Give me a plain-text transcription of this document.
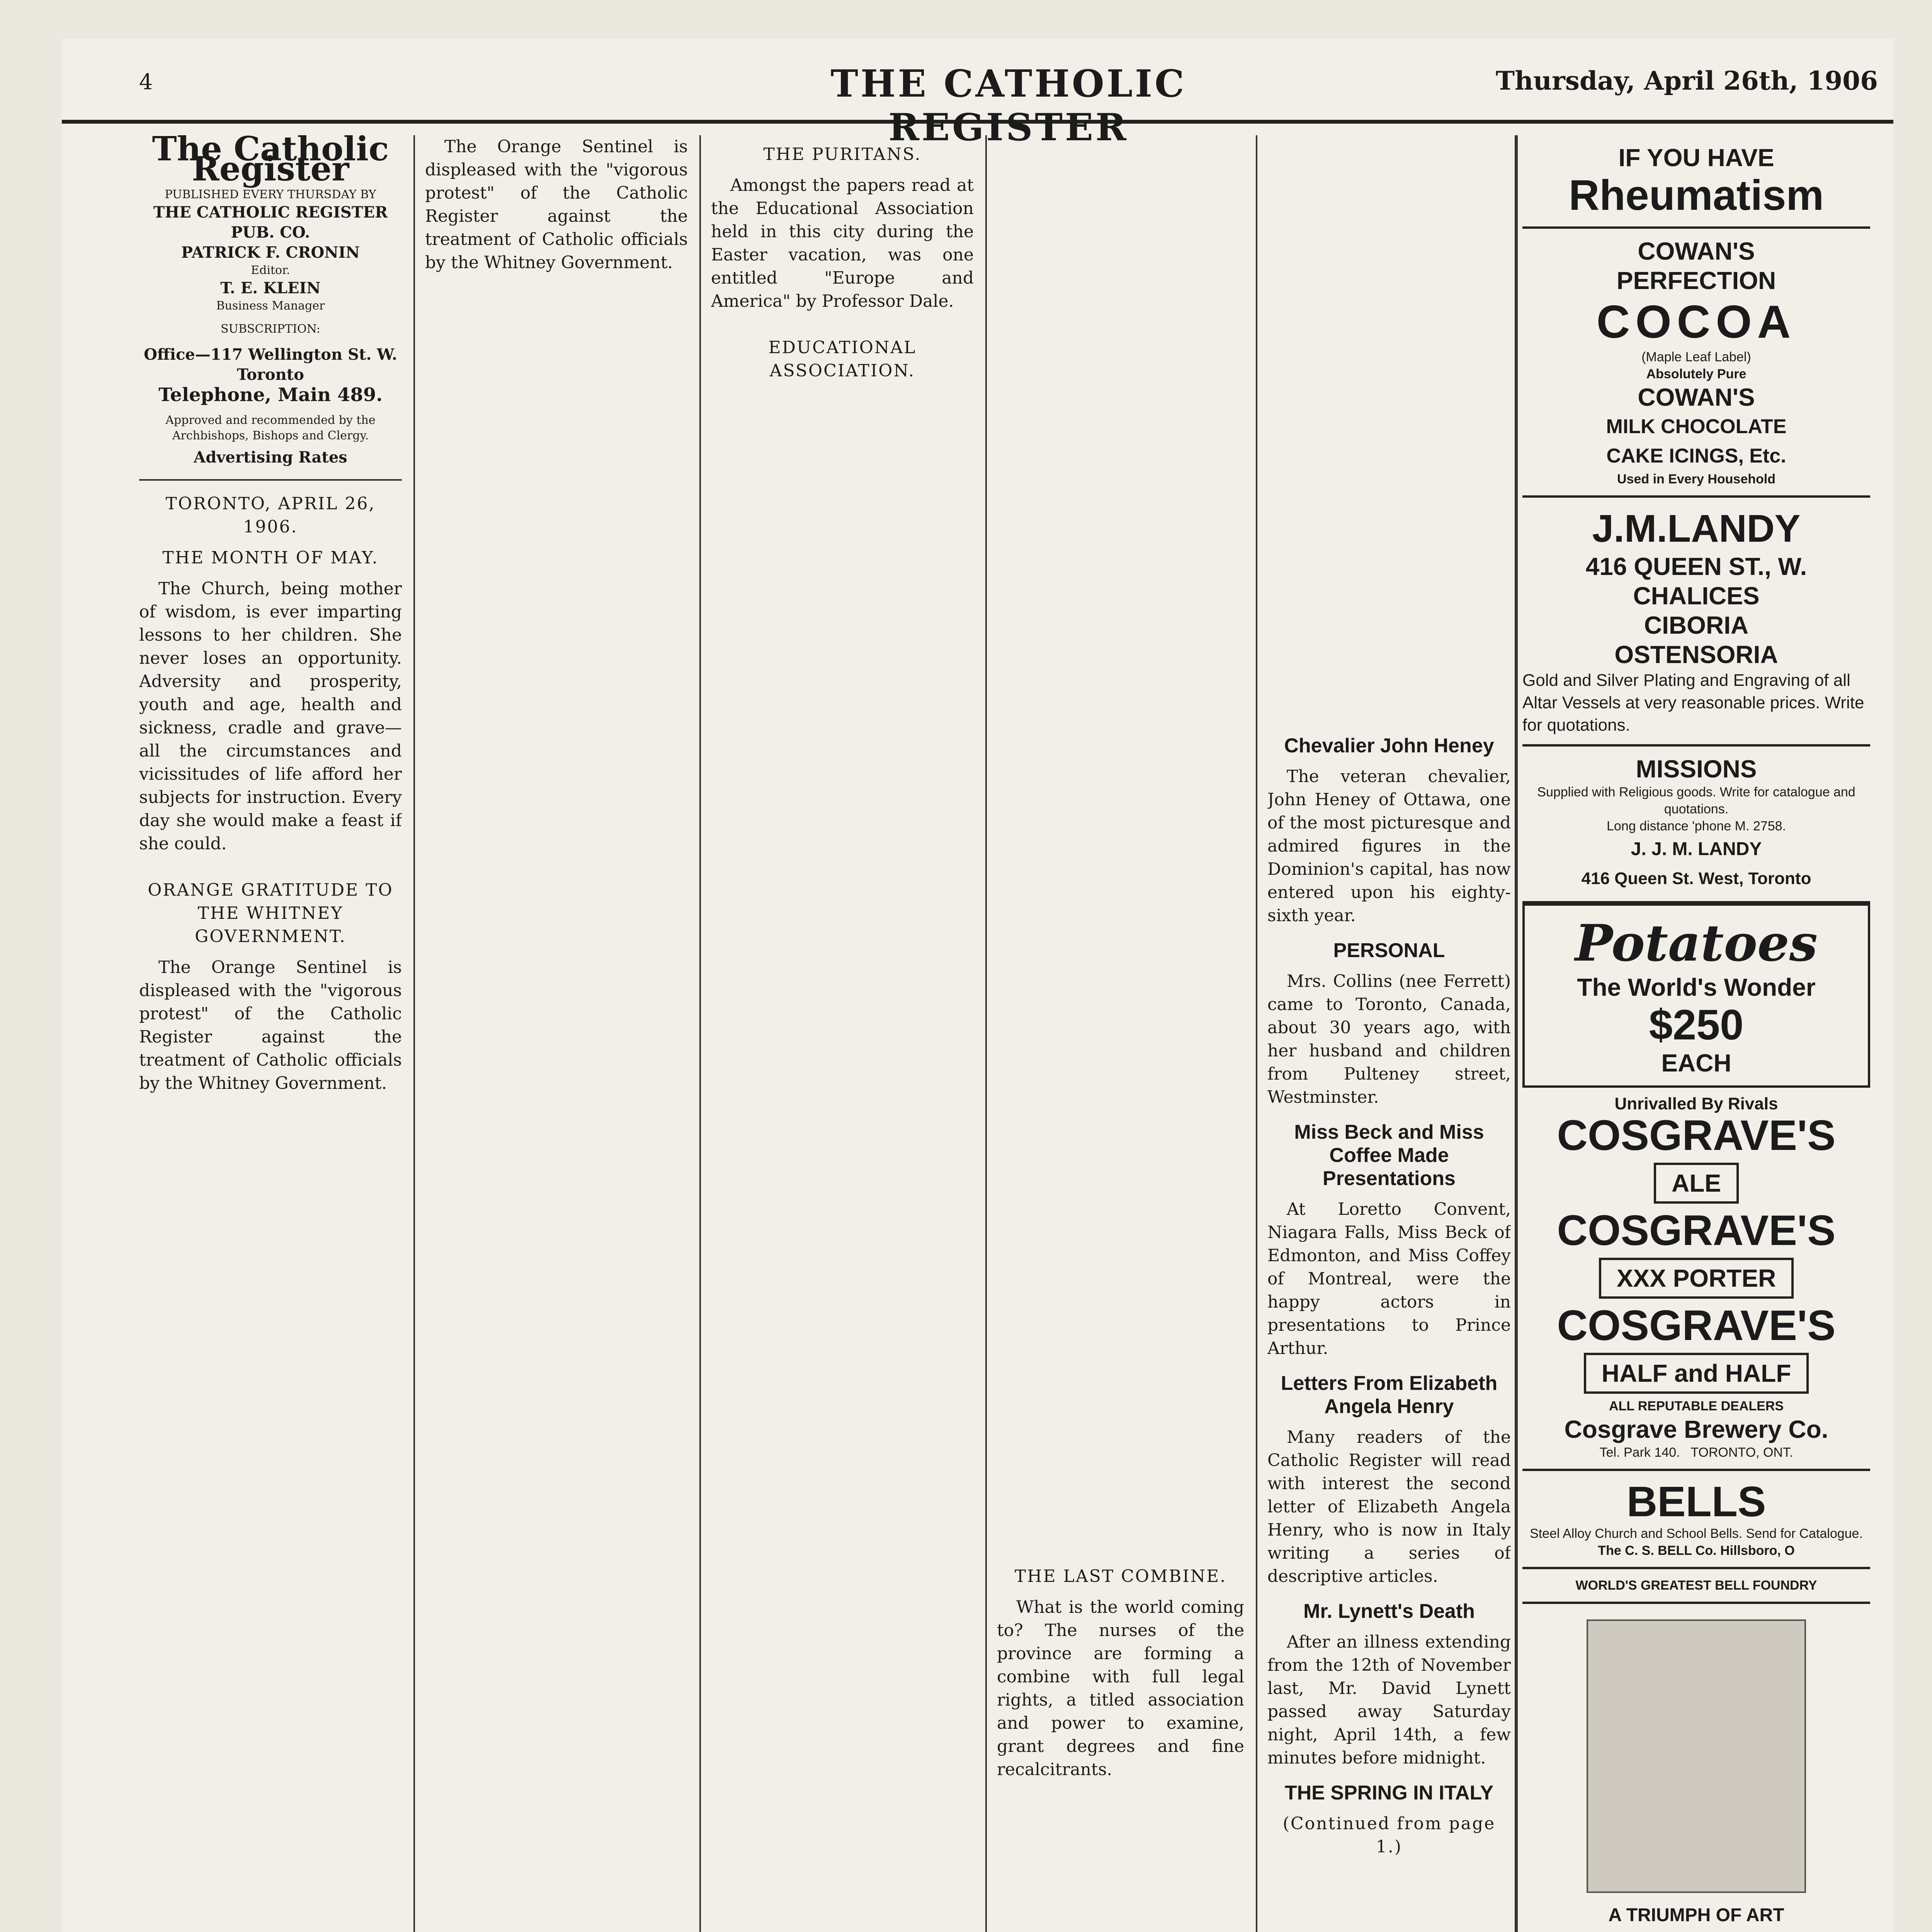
4	THE CATHOLIC REGISTER
Thursday, April 26th, 1906
The Catholic Register
PUBLISHED EVERY THURSDAY BY
THE CATHOLIC REGISTER PUB. CO.
PATRICK F. CRONIN
Editor.
T. E. KLEIN
Business Manager
SUBSCRIPTION:
Office—117 Wellington St. W. Toronto
Telephone, Main 489.
Approved and recommended by the Archbishops, Bishops and Clergy.
Advertising Rates
TORONTO, APRIL 26, 1906.
THE MONTH OF MAY.

The Church, being mother of wisdom, is ever imparting lessons to her children. She never loses an opportunity. Adversity and prosperity, youth and age, health and sickness, cradle and grave—all the circumstances and vicissitudes of life afford her subjects for instruction. Every day she would make a feast if she could.

ORANGE GRATITUDE TO THE WHITNEY GOVERNMENT.

The Orange Sentinel is displeased with the "vigorous protest" of the Catholic Register against the treatment of Catholic officials by the Whitney Government.

The Orange Sentinel is displeased with the "vigorous protest" of the Catholic Register against the treatment of Catholic officials by the Whitney Government.

THE PURITANS.

Amongst the papers read at the Educational Association held in this city during the Easter vacation, was one entitled "Europe and America" by Professor Dale.

EDUCATIONAL ASSOCIATION.
THE LAST COMBINE.

What is the world coming to? The nurses of the province are forming a combine with full legal rights, a titled association and power to examine, grant degrees and fine recalcitrants.

Chevalier John Heney

The veteran chevalier, John Heney of Ottawa, one of the most picturesque and admired figures in the Dominion's capital, has now entered upon his eighty-sixth year.

PERSONAL

Mrs. Collins (nee Ferrett) came to Toronto, Canada, about 30 years ago, with her husband and children from Pulteney street, Westminster.

Miss Beck and Miss Coffee Made Presentations

At Loretto Convent, Niagara Falls, Miss Beck of Edmonton, and Miss Coffey of Montreal, were the happy actors in presentations to Prince Arthur.

Letters From Elizabeth Angela Henry

Many readers of the Catholic Register will read with interest the second letter of Elizabeth Angela Henry, who is now in Italy writing a series of descriptive articles.

Mr. Lynett's Death

After an illness extending from the 12th of November last, Mr. David Lynett passed away Saturday night, April 14th, a few minutes before midnight.

THE SPRING IN ITALY
(Continued from page 1.)
IF YOU HAVE
Rheumatism
COWAN'S
PERFECTION
COCOA
(Maple Leaf Label)
Absolutely Pure
COWAN'S
MILK CHOCOLATE
CAKE ICINGS, Etc.
Used in Every Household
J.M.LANDY
416 QUEEN ST., W.
CHALICES
CIBORIA
OSTENSORIA
Gold and Silver Plating and Engraving of all Altar Vessels at very reasonable prices. Write for quotations.
MISSIONS
Supplied with Religious goods. Write for catalogue and quotations.
Long distance 'phone M. 2758.
J. J. M. LANDY
416 Queen St. West, Toronto
Potatoes
The World's Wonder
$250
EACH
Unrivalled By Rivals
COSGRAVE'S
ALE
COSGRAVE'S
XXX PORTER
COSGRAVE'S
HALF and HALF
ALL REPUTABLE DEALERS
Cosgrave Brewery Co.
Tel. Park 140. TORONTO, ONT.
BELLS
Steel Alloy Church and School Bells. Send for Catalogue.
The C. S. BELL Co. Hillsboro, O
WORLD'S GREATEST BELL FOUNDRY
A TRIUMPH OF ART
